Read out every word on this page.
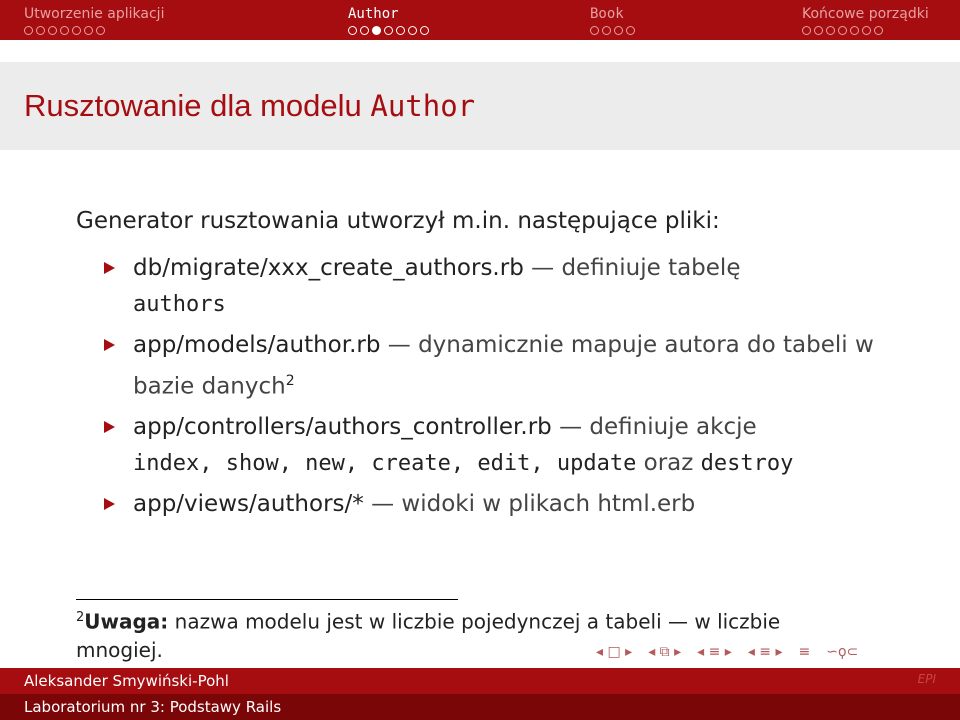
Utworzenie aplikacji	Author	Book	Końcowe porządki
Rusztowanie dla modelu Author

Generator rusztowania utworzył m.in. następujące pliki:

db/migrate/xxx_create_authors.rb — definiuje tabelę
authors
app/models/author.rb — dynamicznie mapuje autora do tabeli w bazie danych$^2$
app/controllers/authors_controller.rb — definiuje akcje
index, show, new, create, edit, update oraz destroy
app/views/authors/* — widoki w plikach html.erb
$^2$Uwaga: nazwa modelu jest w liczbie pojedynczej a tabeli — w liczbie mnogiej.	◂ □ ▸ ◂ ⧉ ▸ ◂ ≡ ▸ ◂ ≡ ▸ ≡ ∽ϙ⊂
Aleksander Smywiński-Pohl	EPI
Laboratorium nr 3: Podstawy Rails
